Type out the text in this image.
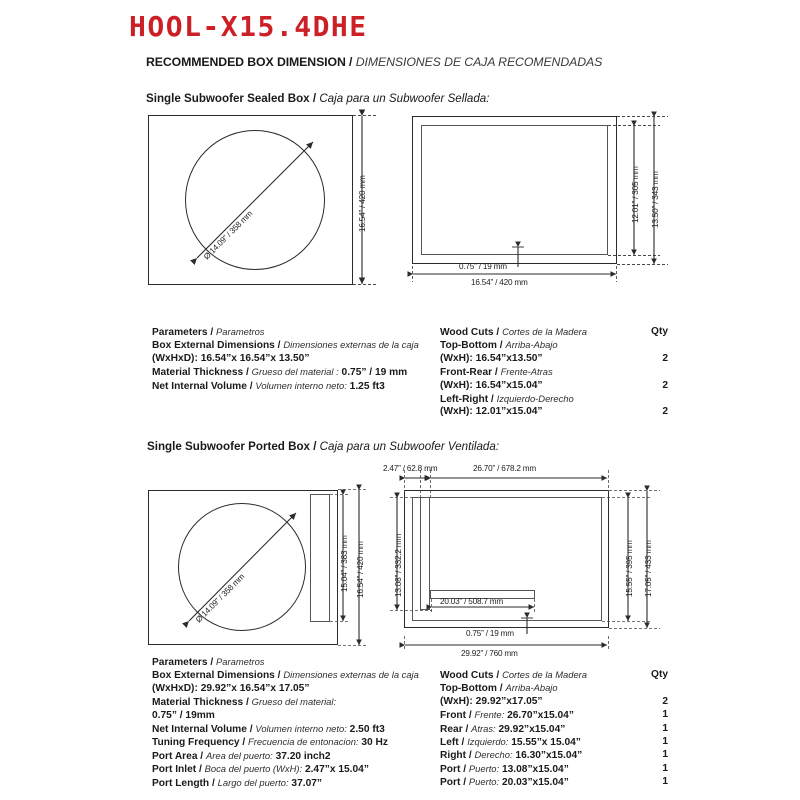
HOOL-X15.4DHE
RECOMMENDED BOX DIMENSION / DIMENSIONES DE CAJA RECOMENDADAS
Single Subwoofer Sealed Box / Caja para un Subwoofer Sellada:
Ø 14.09” / 358 mm
16.54” / 420 mm	12.01” / 305 mm 13.50” / 343 mm
0.75” / 19 mm
16.54” / 420 mm
Parameters / Parametros
Box External Dimensions / Dimensiones externas de la caja
(WxHxD): 16.54”x 16.54”x 13.50”
Material Thickness / Grueso del material : 0.75” / 19 mm
Net Internal Volume / Volumen interno neto: 1.25 ft3
Wood Cuts / Cortes de la Madera	Qty
Top-Bottom / Arriba-Abajo
(WxH): 16.54”x13.50”	2
Front-Rear / Frente-Atras
(WxH): 16.54”x15.04”	2
Left-Right / Izquierdo-Derecho
(WxH): 12.01”x15.04”	2
Single Subwoofer Ported Box / Caja para un Subwoofer Ventilada:
Ø 14.09” / 358 mm
15.04” / 383 mm 16.54” / 420 mm
2.47” / 62.8 mm	26.70” / 678.2 mm
13.08” / 332.2 mm
20.03” / 508.7 mm
15.55” / 395 mm 17.05” / 433 mm
0.75” / 19 mm
29.92” / 760 mm
Parameters / Parametros
Box External Dimensions / Dimensiones externas de la caja
(WxHxD): 29.92”x 16.54”x 17.05”
Material Thickness / Grueso del material:
0.75” / 19mm
Net Internal Volume / Volumen interno neto: 2.50 ft3
Tuning Frequency / Frecuencia de entonacion: 30 Hz
Port Area / Area del puerto: 37.20 inch2
Port Inlet / Boca del puerto (WxH): 2.47”x 15.04”
Port Length / Largo del puerto: 37.07”
Wood Cuts / Cortes de la Madera	Qty
Top-Bottom / Arriba-Abajo
(WxH): 29.92”x17.05”	2
Front / Frente: 26.70”x15.04”	1
Rear / Atras: 29.92”x15.04”	1
Left / Izquierdo: 15.55”x 15.04”	1
Right / Derecho: 16.30”x15.04”	1
Port / Puerto: 13.08”x15.04”	1
Port / Puerto: 20.03”x15.04”	1
